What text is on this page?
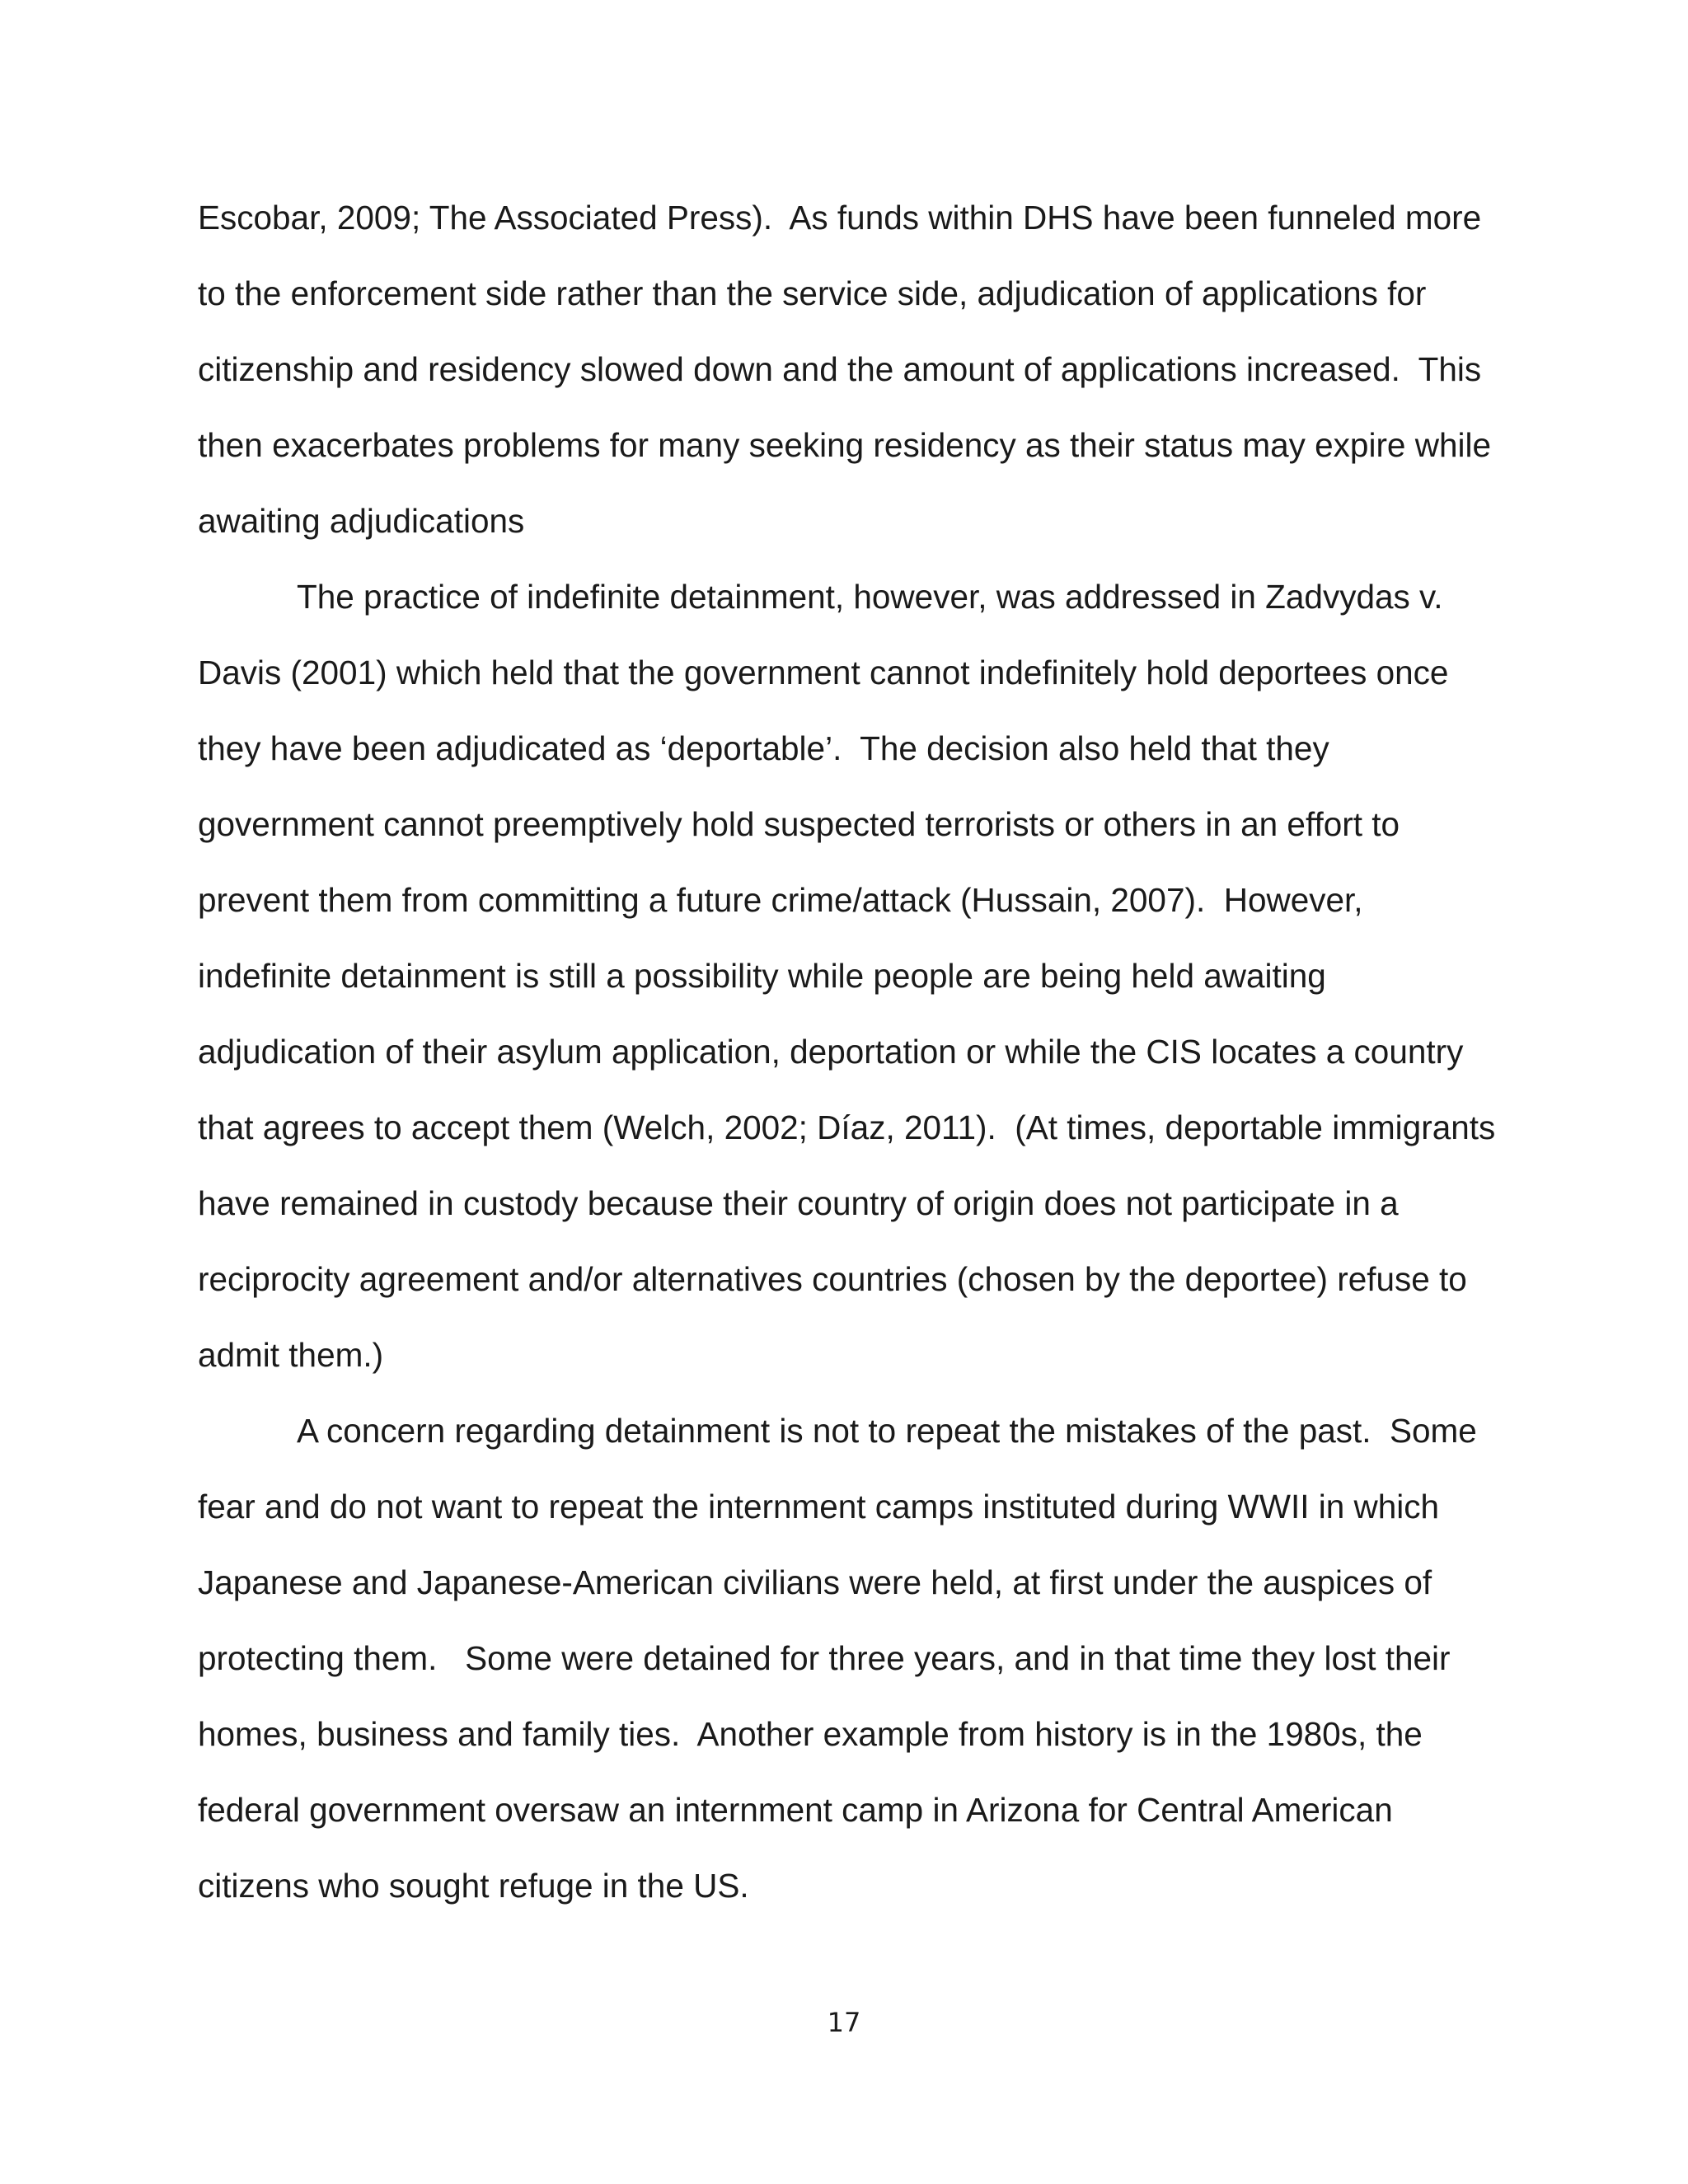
Escobar, 2009; The Associated Press).  As funds within DHS have been funneled more
to the enforcement side rather than the service side, adjudication of applications for
citizenship and residency slowed down and the amount of applications increased.  This
then exacerbates problems for many seeking residency as their status may expire while
awaiting adjudications
The practice of indefinite detainment, however, was addressed in Zadvydas v.
Davis (2001) which held that the government cannot indefinitely hold deportees once
they have been adjudicated as ‘deportable’.  The decision also held that they
government cannot preemptively hold suspected terrorists or others in an effort to
prevent them from committing a future crime/attack (Hussain, 2007).  However,
indefinite detainment is still a possibility while people are being held awaiting
adjudication of their asylum application, deportation or while the CIS locates a country
that agrees to accept them (Welch, 2002; Díaz, 2011).  (At times, deportable immigrants
have remained in custody because their country of origin does not participate in a
reciprocity agreement and/or alternatives countries (chosen by the deportee) refuse to
admit them.)
A concern regarding detainment is not to repeat the mistakes of the past.  Some
fear and do not want to repeat the internment camps instituted during WWII in which
Japanese and Japanese-American civilians were held, at first under the auspices of
protecting them.   Some were detained for three years, and in that time they lost their
homes, business and family ties.  Another example from history is in the 1980s, the
federal government oversaw an internment camp in Arizona for Central American
citizens who sought refuge in the US.
17
